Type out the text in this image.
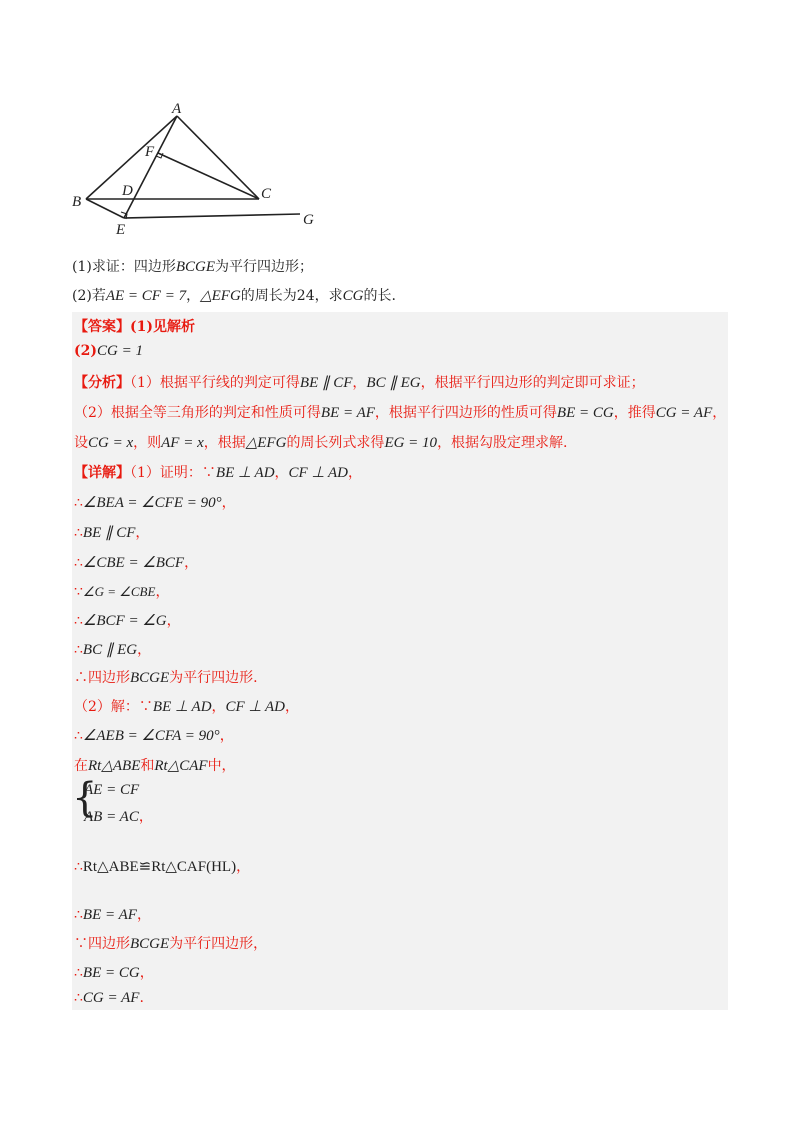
A
F
B
D	C
E
G
(1)求证：四边形BCGE为平行四边形；
(2)若AE = CF = 7，△EFG的周长为24，求CG的长.
【答案】(1)见解析
(2)CG = 1
【分析】（1）根据平行线的判定可得BE ∥ CF，BC ∥ EG，根据平行四边形的判定即可求证；
（2）根据全等三角形的判定和性质可得BE = AF，根据平行四边形的性质可得BE = CG，推得CG = AF，
设CG = x，则AF = x，根据△EFG的周长列式求得EG = 10，根据勾股定理求解.
【详解】（1）证明：∵BE ⊥ AD，CF ⊥ AD，
∴∠BEA = ∠CFE = 90°，
∴BE ∥ CF，
∴∠CBE = ∠BCF，
∵∠G = ∠CBE，
∴∠BCF = ∠G，
∴BC ∥ EG，
∴四边形BCGE为平行四边形.
（2）解：∵BE ⊥ AD，CF ⊥ AD，
∴∠AEB = ∠CFA = 90°，
在Rt△ABE和Rt△CAF中，
{
AE = CF
AB = AC，
∴Rt△ABE≌Rt△CAF(HL)，
∴BE = AF，
∵四边形BCGE为平行四边形，
∴BE = CG，
∴CG = AF.
